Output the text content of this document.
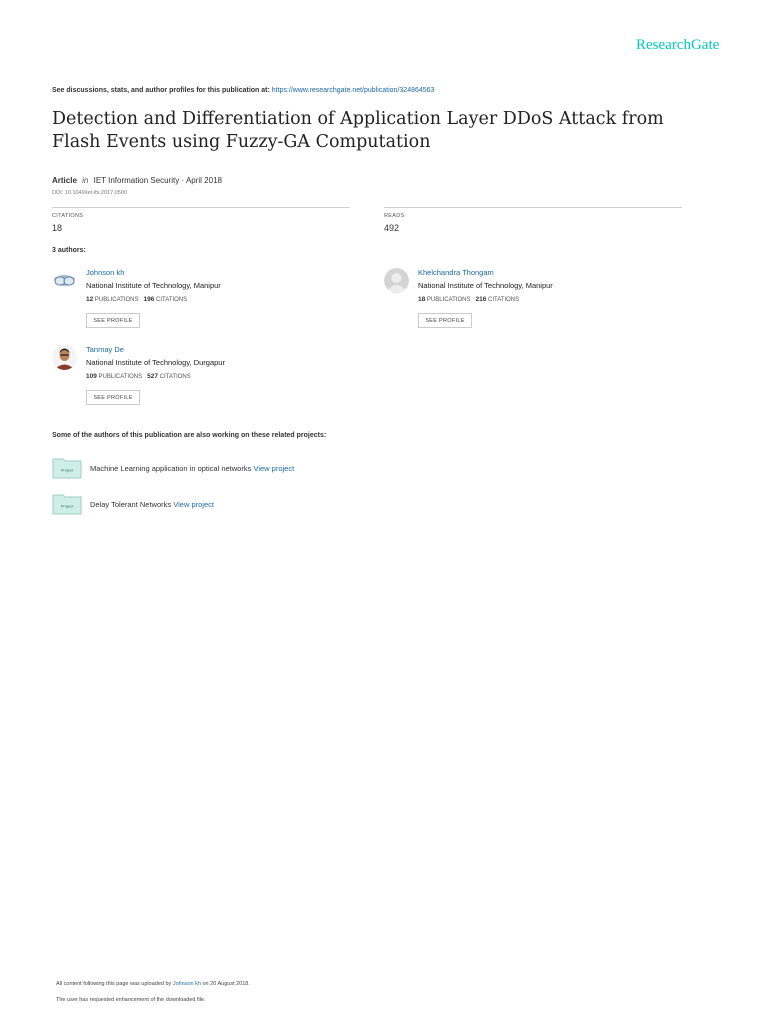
ResearchGate
See discussions, stats, and author profiles for this publication at: https://www.researchgate.net/publication/324864563
Detection and Differentiation of Application Layer DDoS Attack from Flash Events using Fuzzy-GA Computation
Article in IET Information Security · April 2018
DOI: 10.1049/iet-ifs.2017.0500
CITATIONS
18
READS
492
3 authors:
Johnson kh
National Institute of Technology, Manipur
12 PUBLICATIONS 196 CITATIONS
SEE PROFILE
Khelchandra Thongam
National Institute of Technology, Manipur
18 PUBLICATIONS 216 CITATIONS
SEE PROFILE
Tanmay De
National Institute of Technology, Durgapur
109 PUBLICATIONS 527 CITATIONS
SEE PROFILE
Some of the authors of this publication are also working on these related projects:
Project Machine Learning application in optical networks View project
Project Delay Tolerant Networks View project
All content following this page was uploaded by Johnson kh on 20 August 2018.
The user has requested enhancement of the downloaded file.
